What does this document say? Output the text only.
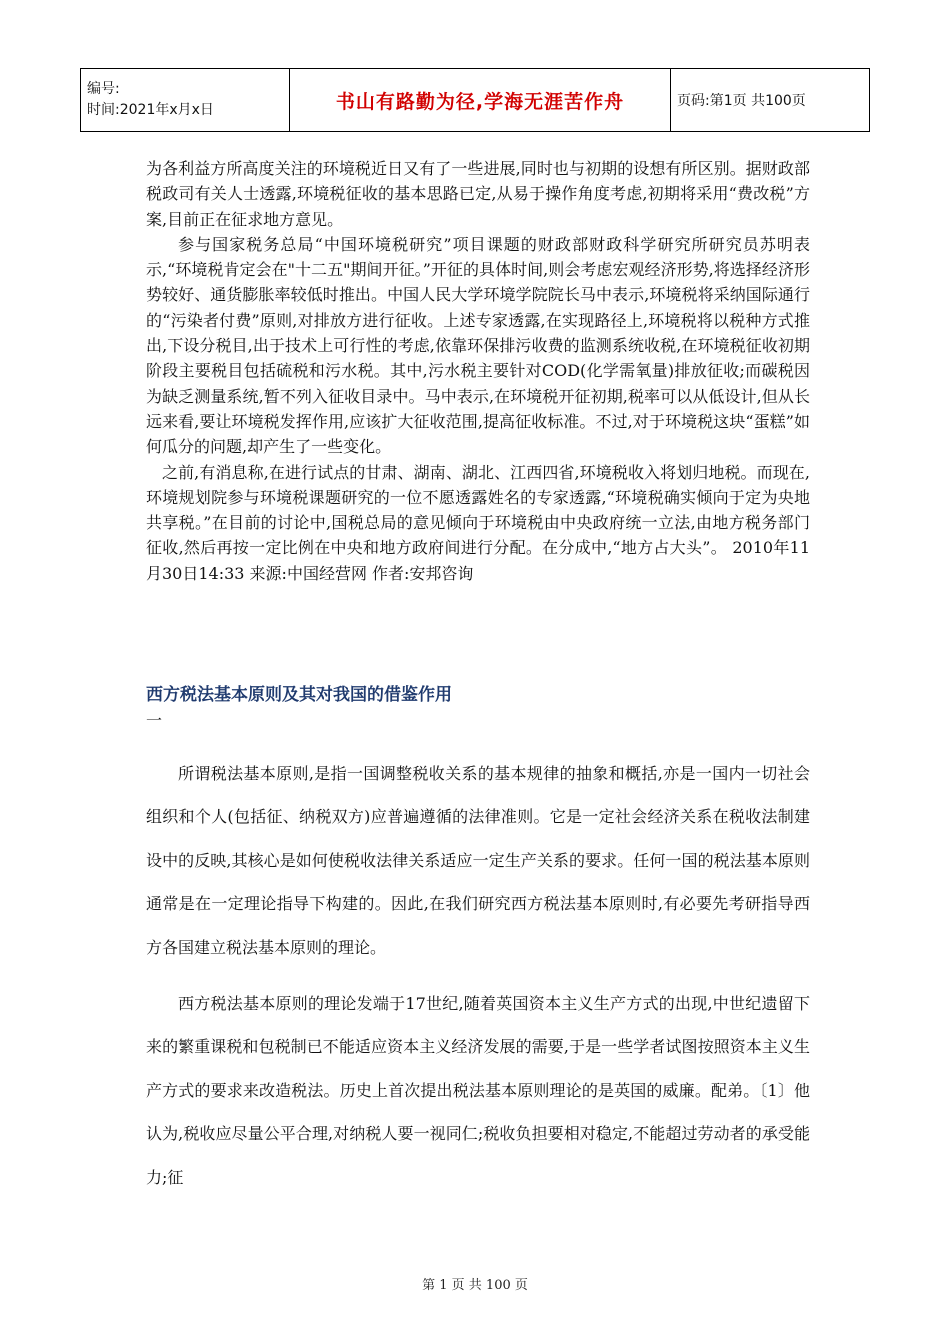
编号:
时间:2021年x月x日	书山有路勤为径,学海无涯苦作舟	页码:第1页 共100页

为各利益方所高度关注的环境税近日又有了一些进展,同时也与初期的设想有所区别。据财政部税政司有关人士透露,环境税征收的基本思路已定,从易于操作角度考虑,初期将采用“费改税”方案,目前正在征求地方意见。

参与国家税务总局“中国环境税研究”项目课题的财政部财政科学研究所研究员苏明表示,“环境税肯定会在"十二五"期间开征。”开征的具体时间,则会考虑宏观经济形势,将选择经济形势较好、通货膨胀率较低时推出。中国人民大学环境学院院长马中表示,环境税将采纳国际通行的“污染者付费”原则,对排放方进行征收。上述专家透露,在实现路径上,环境税将以税种方式推出,下设分税目,出于技术上可行性的考虑,依靠环保排污收费的监测系统收税,在环境税征收初期阶段主要税目包括硫税和污水税。其中,污水税主要针对COD(化学需氧量)排放征收;而碳税因为缺乏测量系统,暂不列入征收目录中。马中表示,在环境税开征初期,税率可以从低设计,但从长远来看,要让环境税发挥作用,应该扩大征收范围,提高征收标准。不过,对于环境税这块“蛋糕”如何瓜分的问题,却产生了一些变化。

之前,有消息称,在进行试点的甘肃、湖南、湖北、江西四省,环境税收入将划归地税。而现在,环境规划院参与环境税课题研究的一位不愿透露姓名的专家透露,“环境税确实倾向于定为央地共享税。”在目前的讨论中,国税总局的意见倾向于环境税由中央政府统一立法,由地方税务部门征收,然后再按一定比例在中央和地方政府间进行分配。在分成中,“地方占大头”。 2010年11月30日14:33 来源:中国经营网 作者:安邦咨询

西方税法基本原则及其对我国的借鉴作用
一

所谓税法基本原则,是指一国调整税收关系的基本规律的抽象和概括,亦是一国内一切社会组织和个人(包括征、纳税双方)应普遍遵循的法律准则。它是一定社会经济关系在税收法制建设中的反映,其核心是如何使税收法律关系适应一定生产关系的要求。任何一国的税法基本原则通常是在一定理论指导下构建的。因此,在我们研究西方税法基本原则时,有必要先考研指导西方各国建立税法基本原则的理论。

西方税法基本原则的理论发端于17世纪,随着英国资本主义生产方式的出现,中世纪遗留下来的繁重课税和包税制已不能适应资本主义经济发展的需要,于是一些学者试图按照资本主义生产方式的要求来改造税法。历史上首次提出税法基本原则理论的是英国的威廉。配弟。〔1〕他认为,税收应尽量公平合理,对纳税人要一视同仁;税收负担要相对稳定,不能超过劳动者的承受能力;征

第 1 页 共 100 页
